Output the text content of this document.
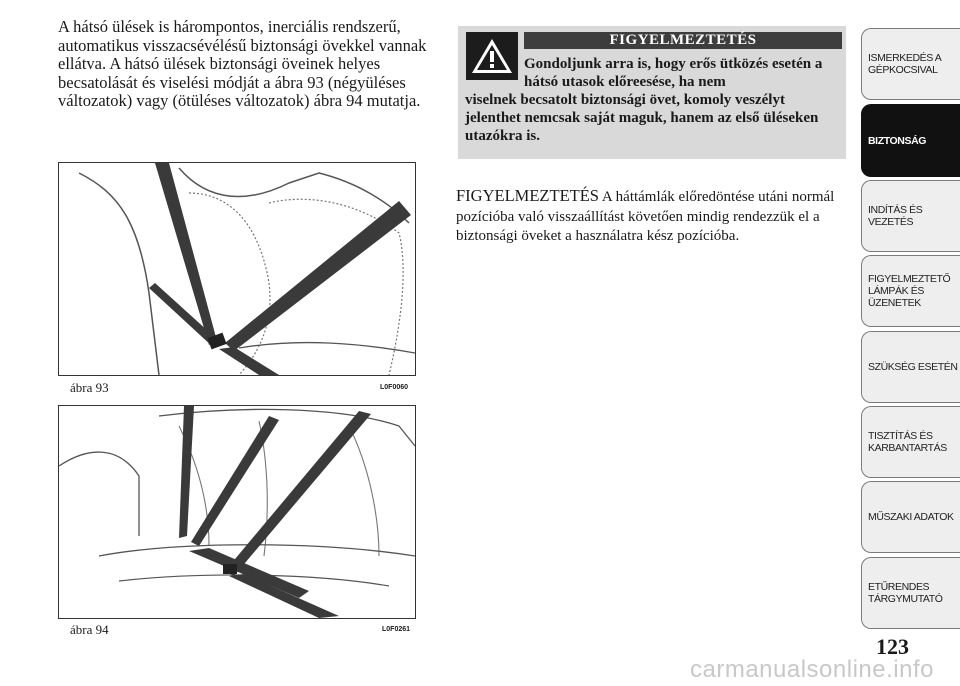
A hátsó ülések is hárompontos, inerciális rendszerű, automatikus visszacsévélésű biztonsági övekkel vannak ellátva. A hátsó ülések biztonsági öveinek helyes becsatolását és viselési módját a ábra 93 (négyüléses változatok) vagy (ötüléses változatok) ábra 94 mutatja.

ábra 93	L0F0060
ábra 94	L0F0261
FIGYELMEZTETÉS
Gondoljunk arra is, hogy erős ütközés esetén a hátsó utasok előreesése, ha nem
viselnek becsatolt biztonsági övet, komoly veszélyt jelenthet nemcsak saját maguk, hanem az első üléseken utazókra is.

FIGYELMEZTETÉS A háttámlák előredöntése utáni normál pozícióba való visszaállítást követően mindig rendezzük el a biztonsági öveket a használatra kész pozícióba.

ISMERKEDÉS A
GÉPKOCSIVAL
BIZTONSÁG
INDÍTÁS ÉS
VEZETÉS
FIGYELMEZTETŐ
LÁMPÁK ÉS
ÜZENETEK
SZÜKSÉG ESETÉN
TISZTÍTÁS ÉS
KARBANTARTÁS
MŰSZAKI ADATOK
ETŰRENDES
TÁRGYMUTATÓ
123
carmanualsonline.info
